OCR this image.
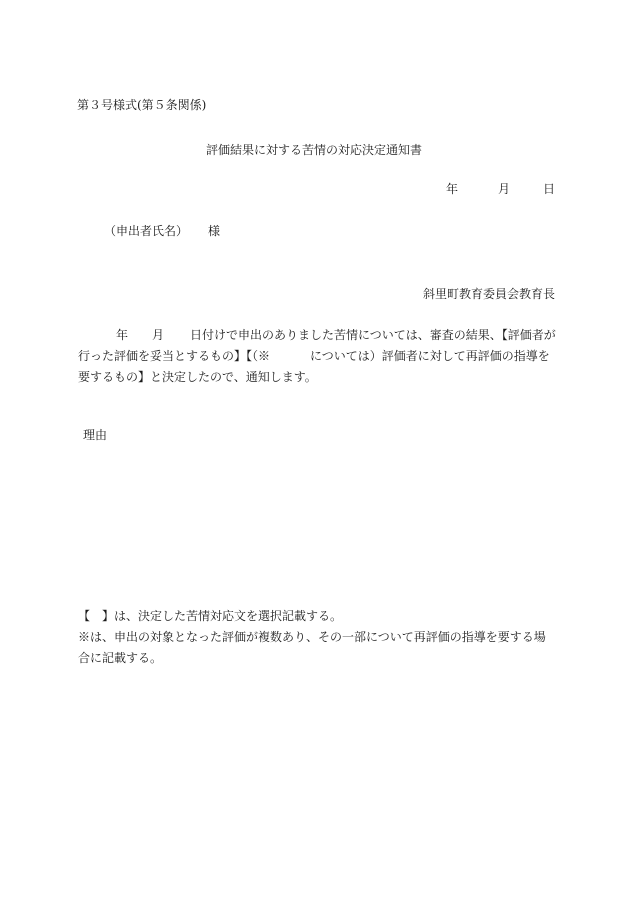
第３号様式(第５条関係)
評価結果に対する苦情の対応決定通知書
年	月	日
（申出者氏名） 様
斜里町教育委員会教育長
年 月 日付けで申出のありました苦情については、審査の結果、【評価者が
行った評価を妥当とするもの】【（※	については）評価者に対して再評価の指導を
要するもの】と決定したので、通知します。
理由
【 】は、決定した苦情対応文を選択記載する。
※は、申出の対象となった評価が複数あり、その一部について再評価の指導を要する場
合に記載する。
